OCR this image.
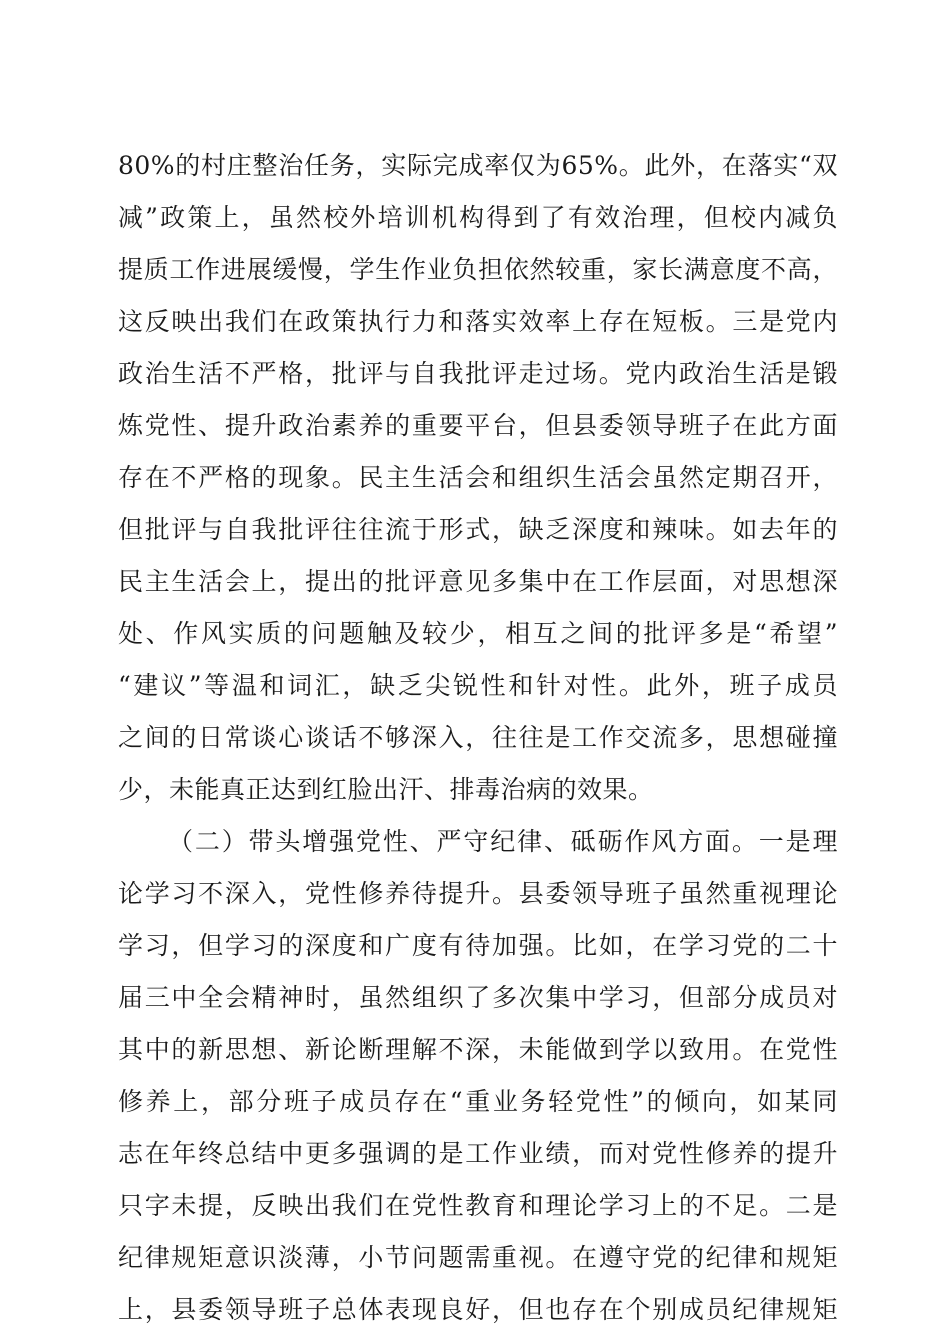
80%的村庄整治任务，实际完成率仅为65%。此外，在落实“双
减”政策上，虽然校外培训机构得到了有效治理，但校内减负
提质工作进展缓慢，学生作业负担依然较重，家长满意度不高，
这反映出我们在政策执行力和落实效率上存在短板。三是党内
政治生活不严格，批评与自我批评走过场。党内政治生活是锻
炼党性、提升政治素养的重要平台，但县委领导班子在此方面
存在不严格的现象。民主生活会和组织生活会虽然定期召开，
但批评与自我批评往往流于形式，缺乏深度和辣味。如去年的
民主生活会上，提出的批评意见多集中在工作层面，对思想深
处、作风实质的问题触及较少，相互之间的批评多是“希望”
“建议”等温和词汇，缺乏尖锐性和针对性。此外，班子成员
之间的日常谈心谈话不够深入，往往是工作交流多，思想碰撞
少，未能真正达到红脸出汗、排毒治病的效果。
（二）带头增强党性、严守纪律、砥砺作风方面。一是理
论学习不深入，党性修养待提升。县委领导班子虽然重视理论
学习，但学习的深度和广度有待加强。比如，在学习党的二十
届三中全会精神时，虽然组织了多次集中学习，但部分成员对
其中的新思想、新论断理解不深，未能做到学以致用。在党性
修养上，部分班子成员存在“重业务轻党性”的倾向，如某同
志在年终总结中更多强调的是工作业绩，而对党性修养的提升
只字未提，反映出我们在党性教育和理论学习上的不足。二是
纪律规矩意识淡薄，小节问题需重视。在遵守党的纪律和规矩
上，县委领导班子总体表现良好，但也存在个别成员纪律规矩
